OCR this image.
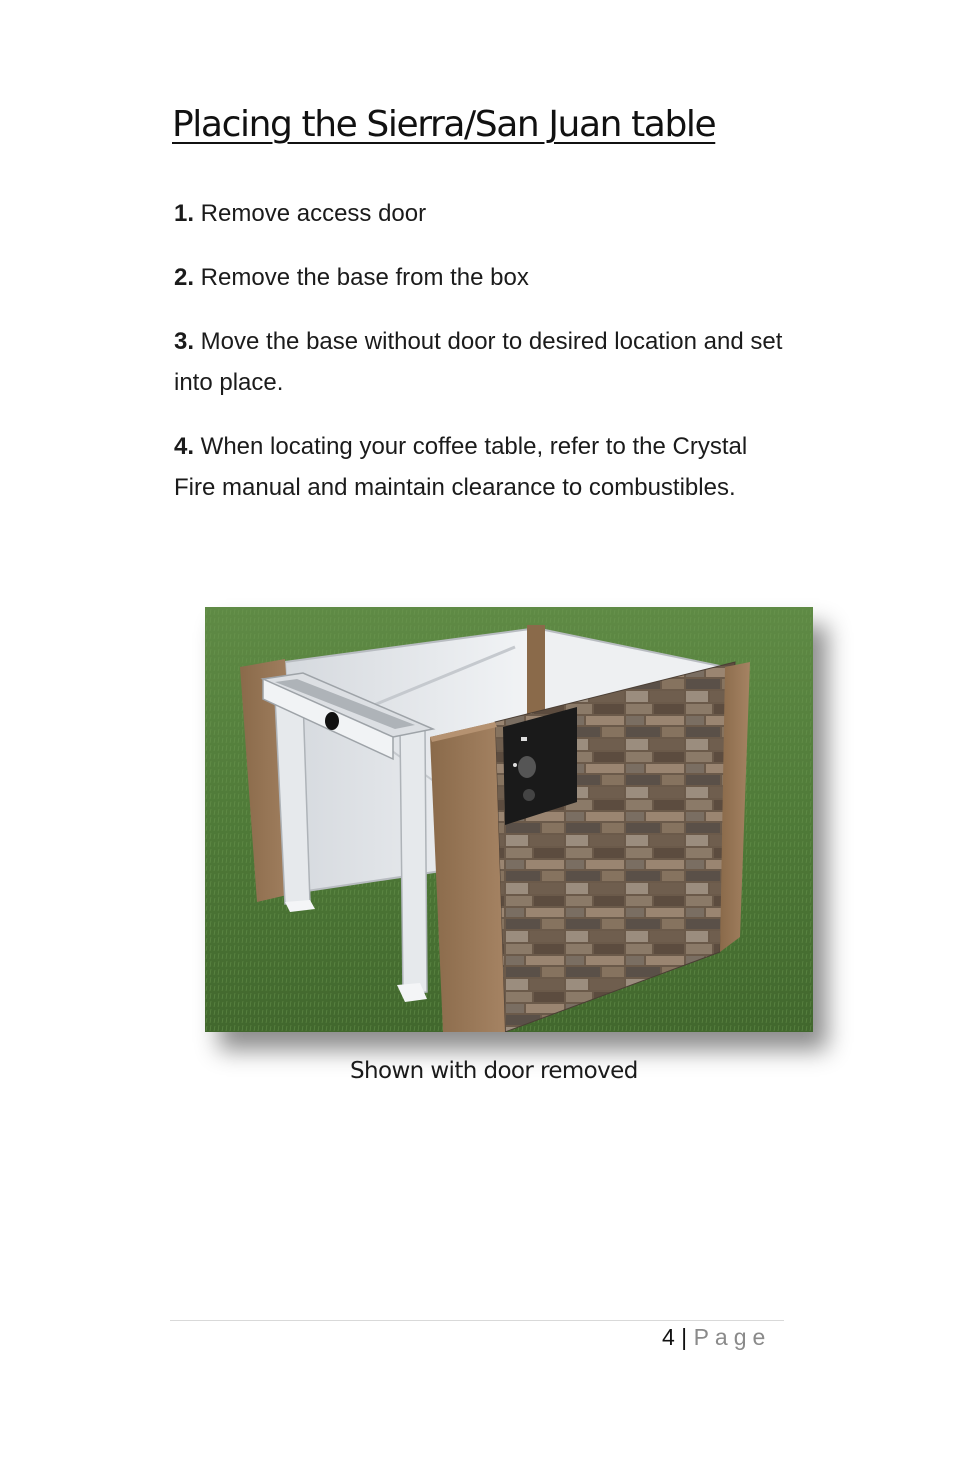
Placing the Sierra/San Juan table
1. Remove access door
2. Remove the base from the box
3. Move the base without door to desired location and set into place.
4. When locating your coffee table, refer to the Crystal Fire manual and maintain clearance to combustibles.
Shown with door removed
4 | Page
